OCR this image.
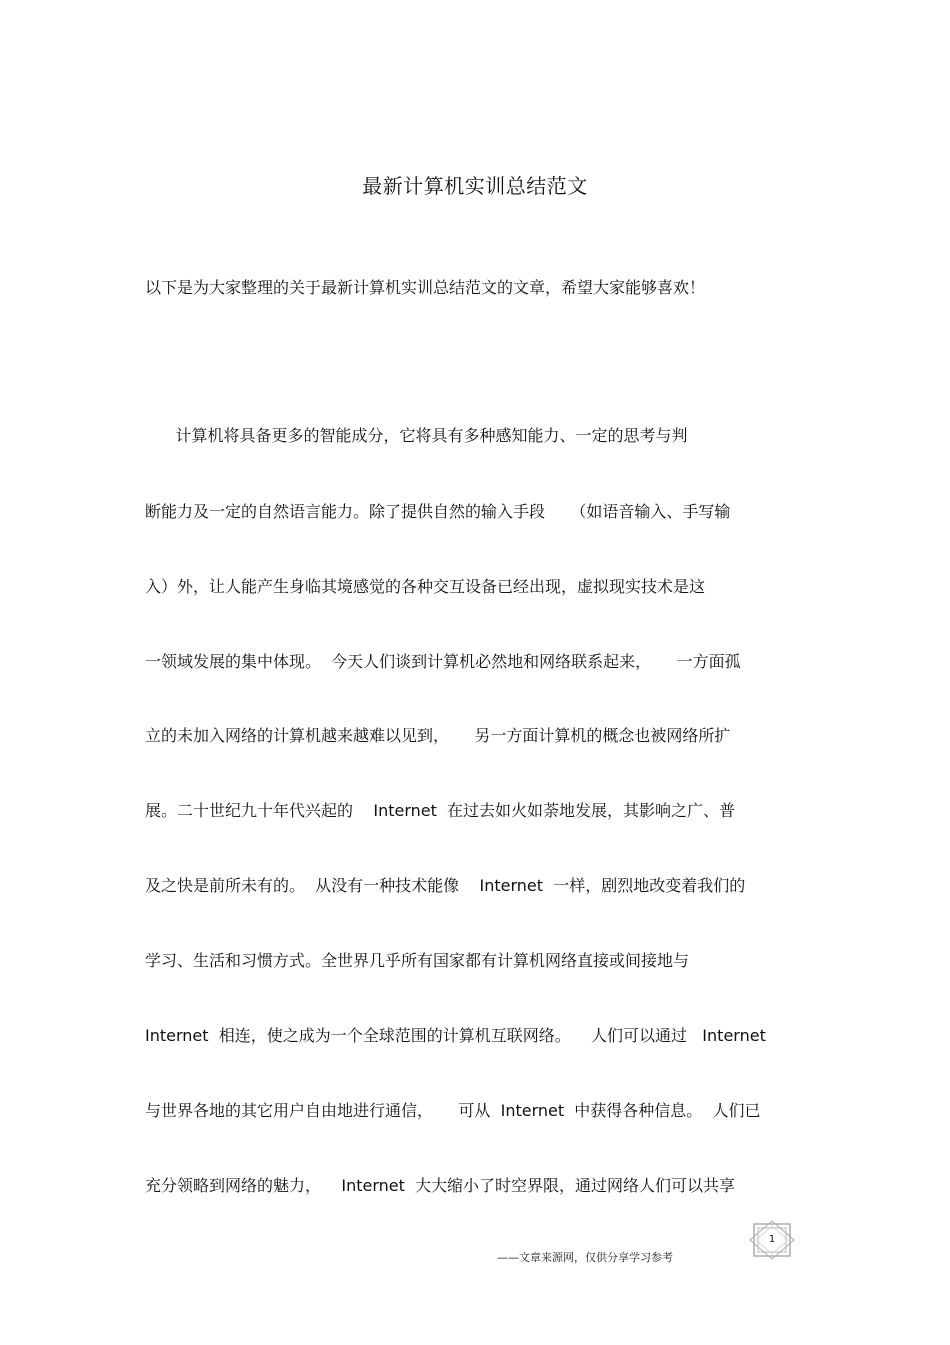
最新计算机实训总结范文
以下是为大家整理的关于最新计算机实训总结范文的文章，希望大家能够喜欢！
计算机将具备更多的智能成分，它将具有多种感知能力、一定的思考与判
断能力及一定的自然语言能力。除了提供自然的输入手段     （如语音输入、手写输
入）外，让人能产生身临其境感觉的各种交互设备已经出现，虚拟现实技术是这
一领域发展的集中体现。  今天人们谈到计算机必然地和网络联系起来，     一方面孤
立的未加入网络的计算机越来越难以见到，     另一方面计算机的概念也被网络所扩
展。二十世纪九十年代兴起的    Internet  在过去如火如荼地发展，其影响之广、普
及之快是前所未有的。  从没有一种技术能像    Internet  一样，剧烈地改变着我们的
学习、生活和习惯方式。全世界几乎所有国家都有计算机网络直接或间接地与
Internet  相连，使之成为一个全球范围的计算机互联网络。    人们可以通过   Internet
与世界各地的其它用户自由地进行通信，     可从  Internet  中获得各种信息。  人们已
充分领略到网络的魅力，    Internet  大大缩小了时空界限，通过网络人们可以共享
——文章来源网，仅供分享学习参考
1
